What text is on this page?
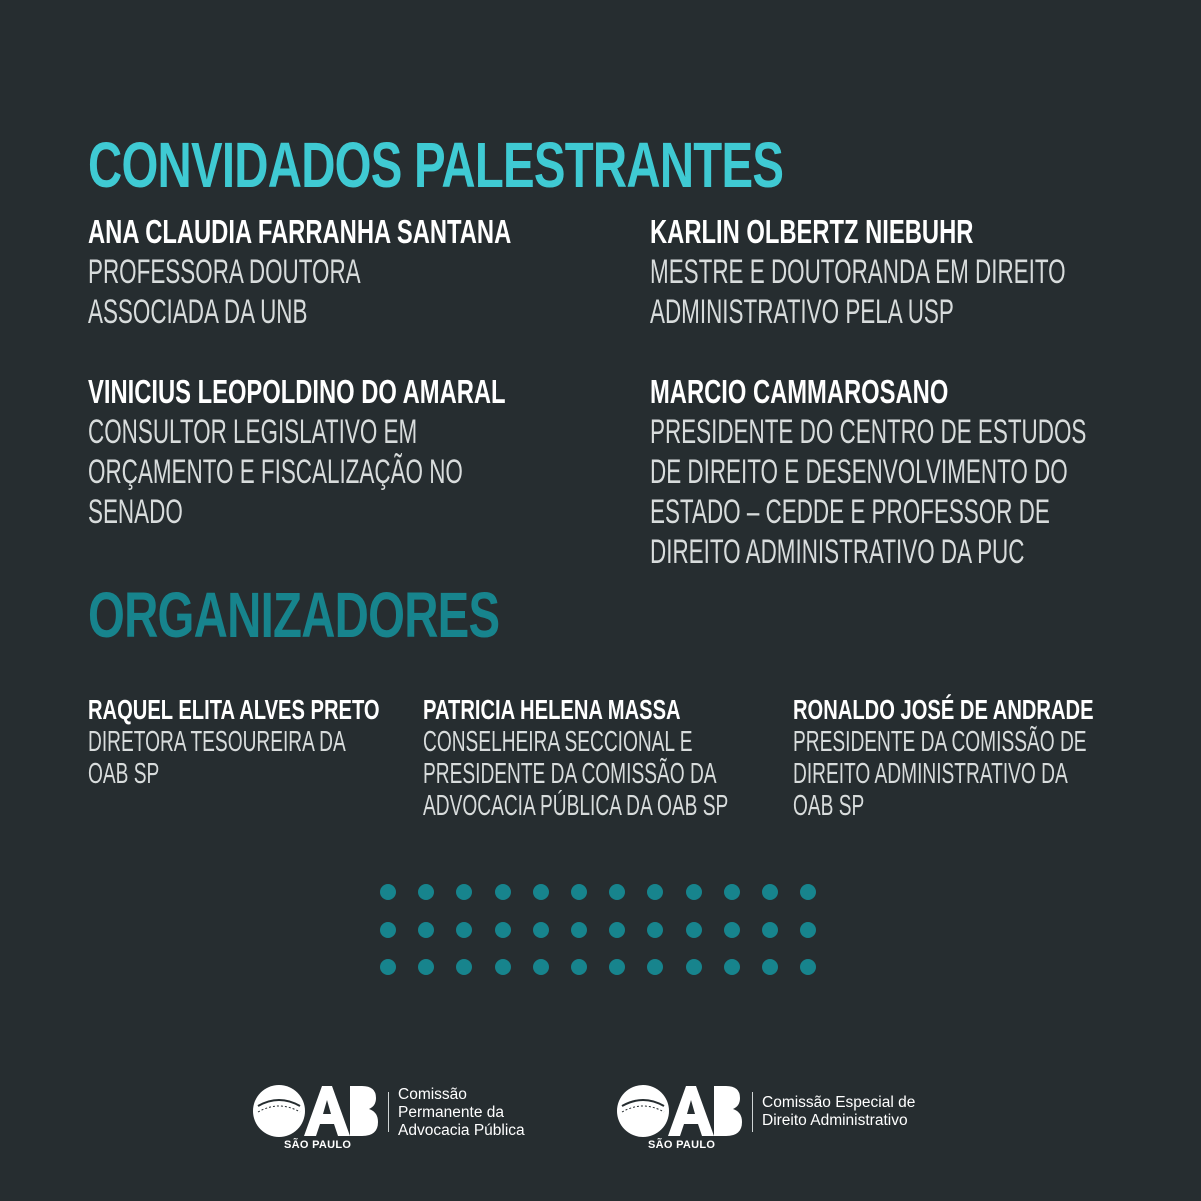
CONVIDADOS PALESTRANTES
ANA CLAUDIA FARRANHA SANTANA
PROFESSORA DOUTORA
ASSOCIADA DA UNB
KARLIN OLBERTZ NIEBUHR
MESTRE E DOUTORANDA EM DIREITO
ADMINISTRATIVO PELA USP
VINICIUS LEOPOLDINO DO AMARAL
CONSULTOR LEGISLATIVO EM
ORÇAMENTO E FISCALIZAÇÃO NO
SENADO
MARCIO CAMMAROSANO
PRESIDENTE DO CENTRO DE ESTUDOS
DE DIREITO E DESENVOLVIMENTO DO
ESTADO – CEDDE E PROFESSOR DE
DIREITO ADMINISTRATIVO DA PUC
ORGANIZADORES
RAQUEL ELITA ALVES PRETO
DIRETORA TESOUREIRA DA
OAB SP
PATRICIA HELENA MASSA
CONSELHEIRA SECCIONAL E
PRESIDENTE DA COMISSÃO DA
ADVOCACIA PÚBLICA DA OAB SP
RONALDO JOSÉ DE ANDRADE
PRESIDENTE DA COMISSÃO DE
DIREITO ADMINISTRATIVO DA
OAB SP
SÃO PAULO
Comissão
Permanente da
Advocacia Pública
SÃO PAULO
Comissão Especial de
Direito Administrativo
